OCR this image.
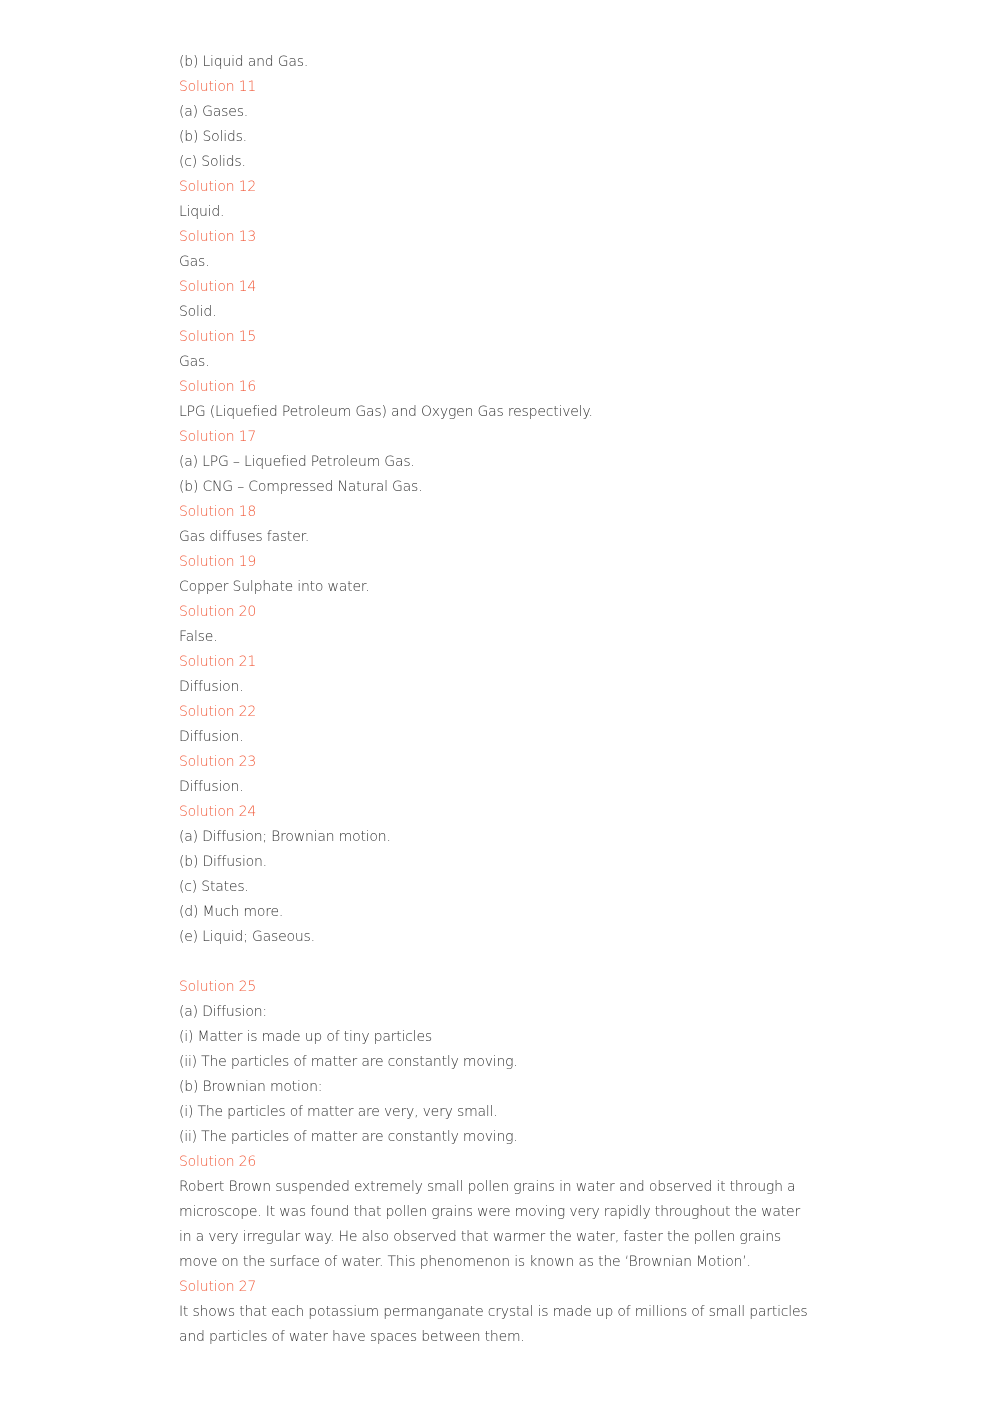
(b) Liquid and Gas.
Solution 11
(a) Gases.
(b) Solids.
(c) Solids.
Solution 12
Liquid.
Solution 13
Gas.
Solution 14
Solid.
Solution 15
Gas.
Solution 16
LPG (Liquefied Petroleum Gas) and Oxygen Gas respectively.
Solution 17
(a) LPG – Liquefied Petroleum Gas.
(b) CNG – Compressed Natural Gas.
Solution 18
Gas diffuses faster.
Solution 19
Copper Sulphate into water.
Solution 20
False.
Solution 21
Diffusion.
Solution 22
Diffusion.
Solution 23
Diffusion.
Solution 24
(a) Diffusion; Brownian motion.
(b) Diffusion.
(c) States.
(d) Much more.
(e) Liquid; Gaseous.
Solution 25
(a) Diffusion:
(i) Matter is made up of tiny particles
(ii) The particles of matter are constantly moving.
(b) Brownian motion:
(i) The particles of matter are very, very small.
(ii) The particles of matter are constantly moving.
Solution 26

Robert Brown suspended extremely small pollen grains in water and observed it through a microscope. It was found that pollen grains were moving very rapidly throughout the water in a very irregular way. He also observed that warmer the water, faster the pollen grains move on the surface of water. This phenomenon is known as the ‘Brownian Motion’.

Solution 27

It shows that each potassium permanganate crystal is made up of millions of small particles and particles of water have spaces between them.
